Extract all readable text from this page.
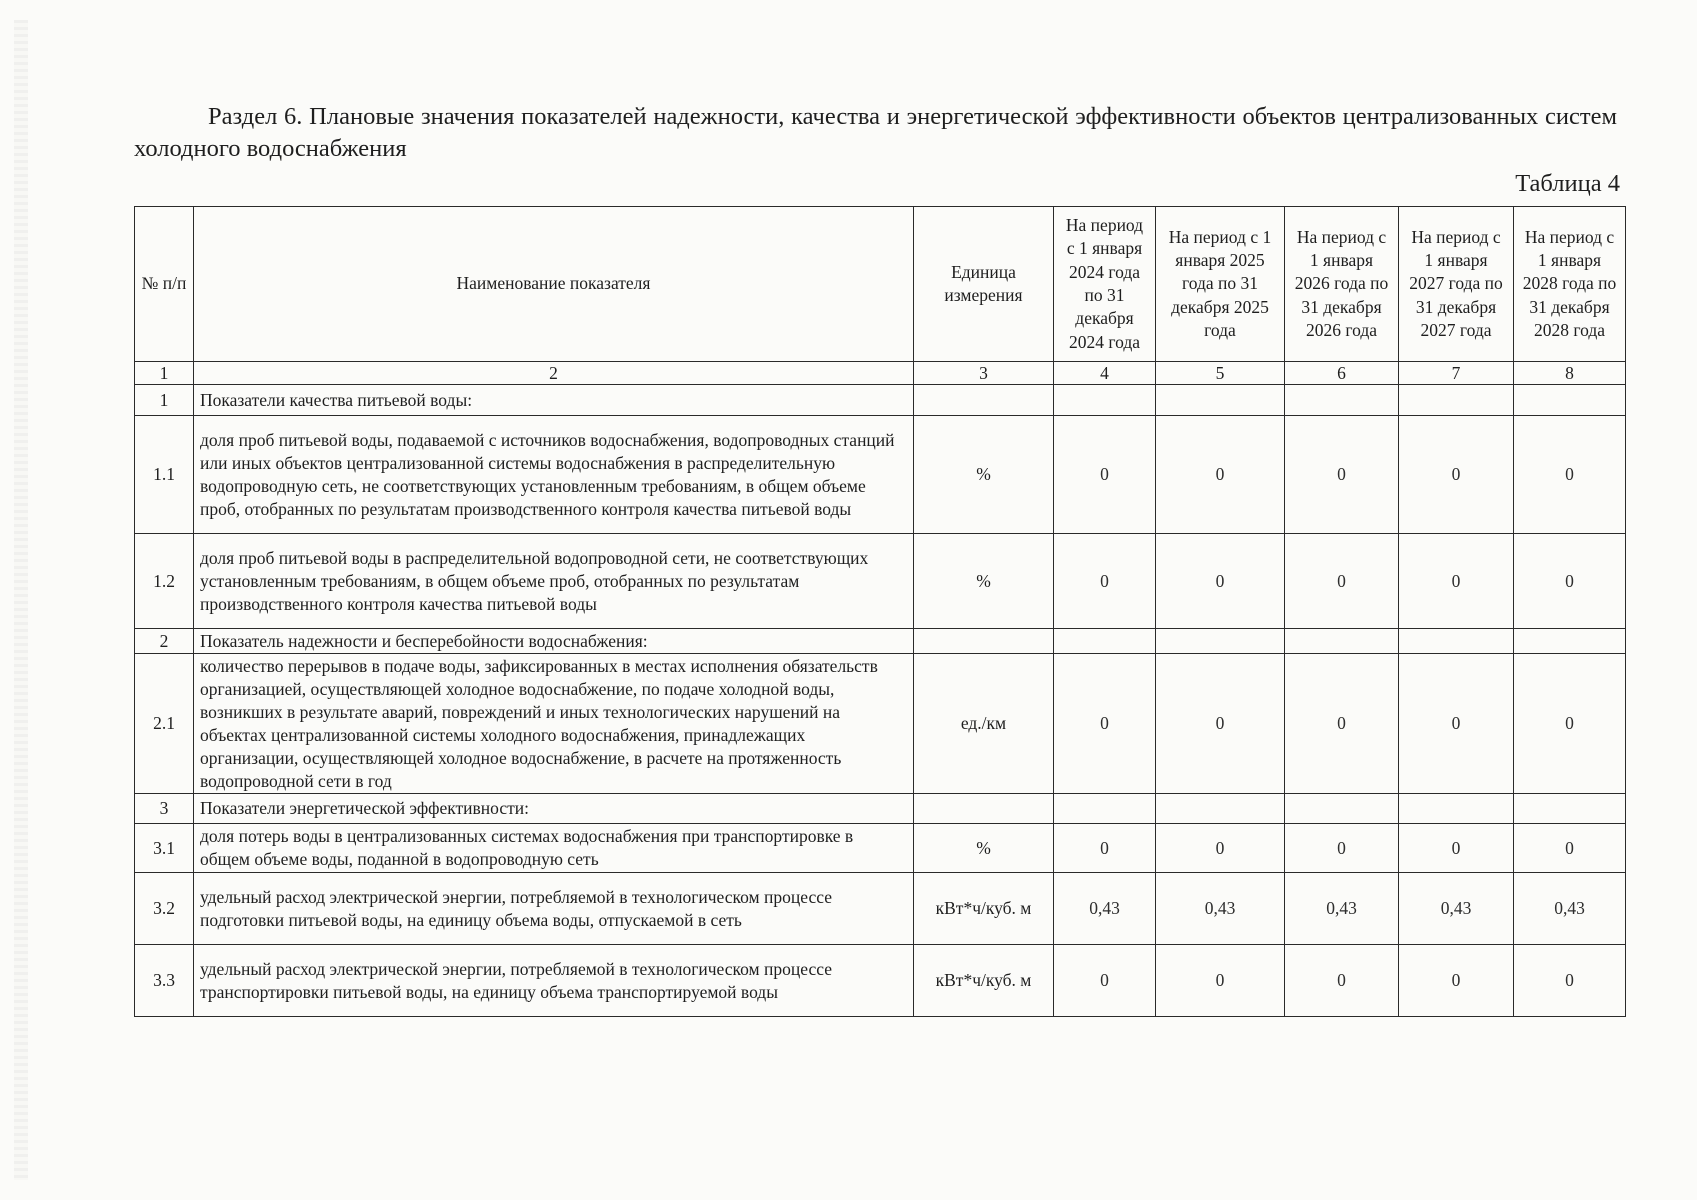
Раздел 6. Плановые значения показателей надежности, качества и энергетической эффективности объектов централизованных систем холодного водоснабжения
Таблица 4
№ п/п	Наименование показателя	Единица измерения	На период с 1 января 2024 года по 31 декабря 2024 года	На период с 1 января 2025 года по 31 декабря 2025 года	На период с 1 января 2026 года по 31 декабря 2026 года	На период с 1 января 2027 года по 31 декабря 2027 года	На период с 1 января 2028 года по 31 декабря 2028 года
1	2	3	4	5	6	7	8
1	Показатели качества питьевой воды:						
1.1	доля проб питьевой воды, подаваемой с источников водоснабжения, водопроводных станций или иных объектов централизованной системы водоснабжения в распределительную водопроводную сеть, не соответствующих установленным требованиям, в общем объеме проб, отобранных по результатам производственного контроля качества питьевой воды	%	0	0	0	0	0
1.2	доля проб питьевой воды в распределительной водопроводной сети, не соответствующих установленным требованиям, в общем объеме проб, отобранных по результатам производственного контроля качества питьевой воды	%	0	0	0	0	0
2	Показатель надежности и бесперебойности водоснабжения:						
2.1	количество перерывов в подаче воды, зафиксированных в местах исполнения обязательств организацией, осуществляющей холодное водоснабжение, по подаче холодной воды, возникших в результате аварий, повреждений и иных технологических нарушений на объектах централизованной системы холодного водоснабжения, принадлежащих организации, осуществляющей холодное водоснабжение, в расчете на протяженность водопроводной сети в год	ед./км	0	0	0	0	0
3	Показатели энергетической эффективности:						
3.1	доля потерь воды в централизованных системах водоснабжения при транспортировке в общем объеме воды, поданной в водопроводную сеть	%	0	0	0	0	0
3.2	удельный расход электрической энергии, потребляемой в технологическом процессе подготовки питьевой воды, на единицу объема воды, отпускаемой в сеть	кВт*ч/куб. м	0,43	0,43	0,43	0,43	0,43
3.3	удельный расход электрической энергии, потребляемой в технологическом процессе транспортировки питьевой воды, на единицу объема транспортируемой воды	кВт*ч/куб. м	0	0	0	0	0
